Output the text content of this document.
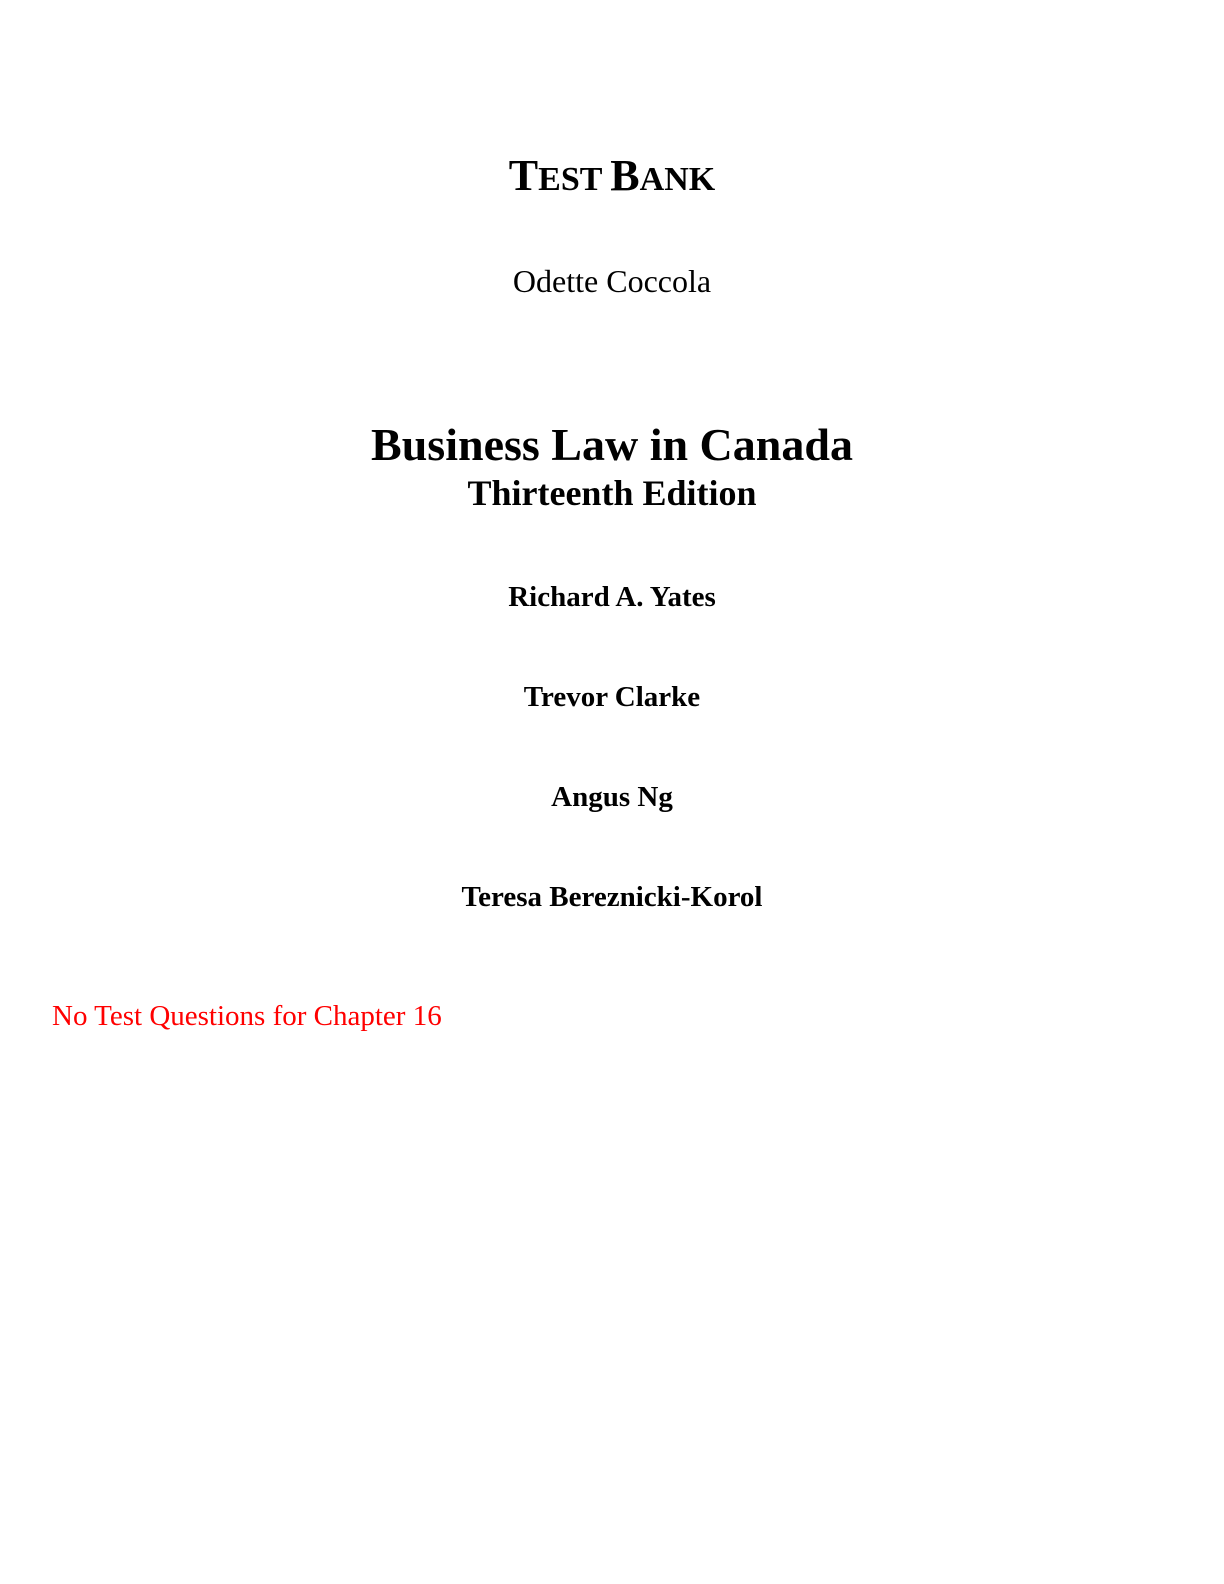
TEST BANK
Odette Coccola
Business Law in Canada
Thirteenth Edition
Richard A. Yates
Trevor Clarke
Angus Ng
Teresa Bereznicki-Korol
No Test Questions for Chapter 16
